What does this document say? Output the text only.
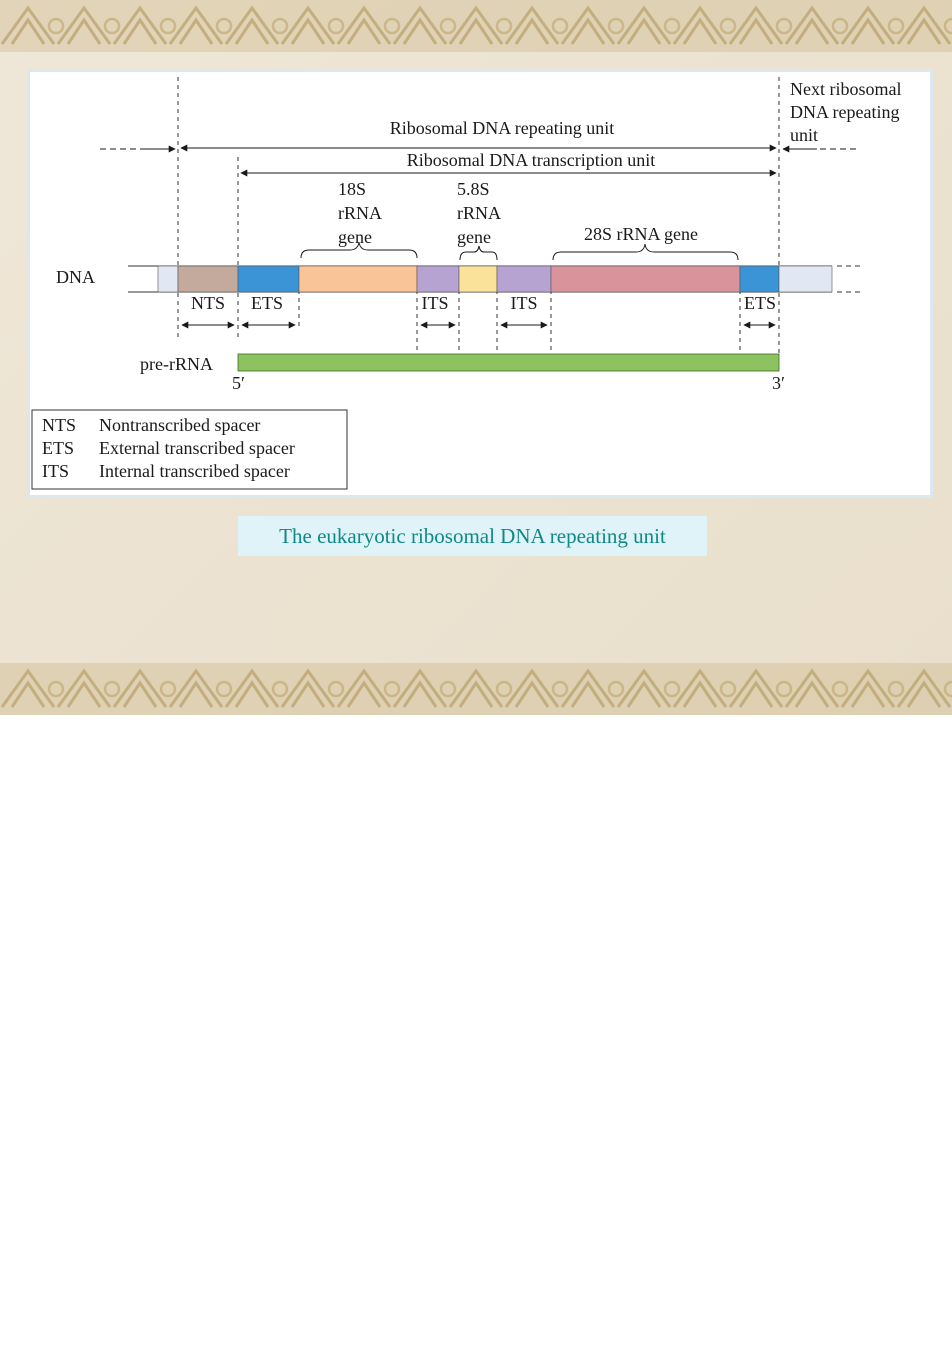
Ribosomal DNA repeating unit
Ribosomal DNA transcription unit
Next ribosomal
DNA repeating
unit
18S
rRNA
gene
5.8S
rRNA
gene	28S rRNA gene
DNA
NTS ETS	ITS	ITS	ETS
pre-rRNA
5′	3′
NTS Nontranscribed spacer
ETS External transcribed spacer
ITS Internal transcribed spacer
The eukaryotic ribosomal DNA repeating unit
